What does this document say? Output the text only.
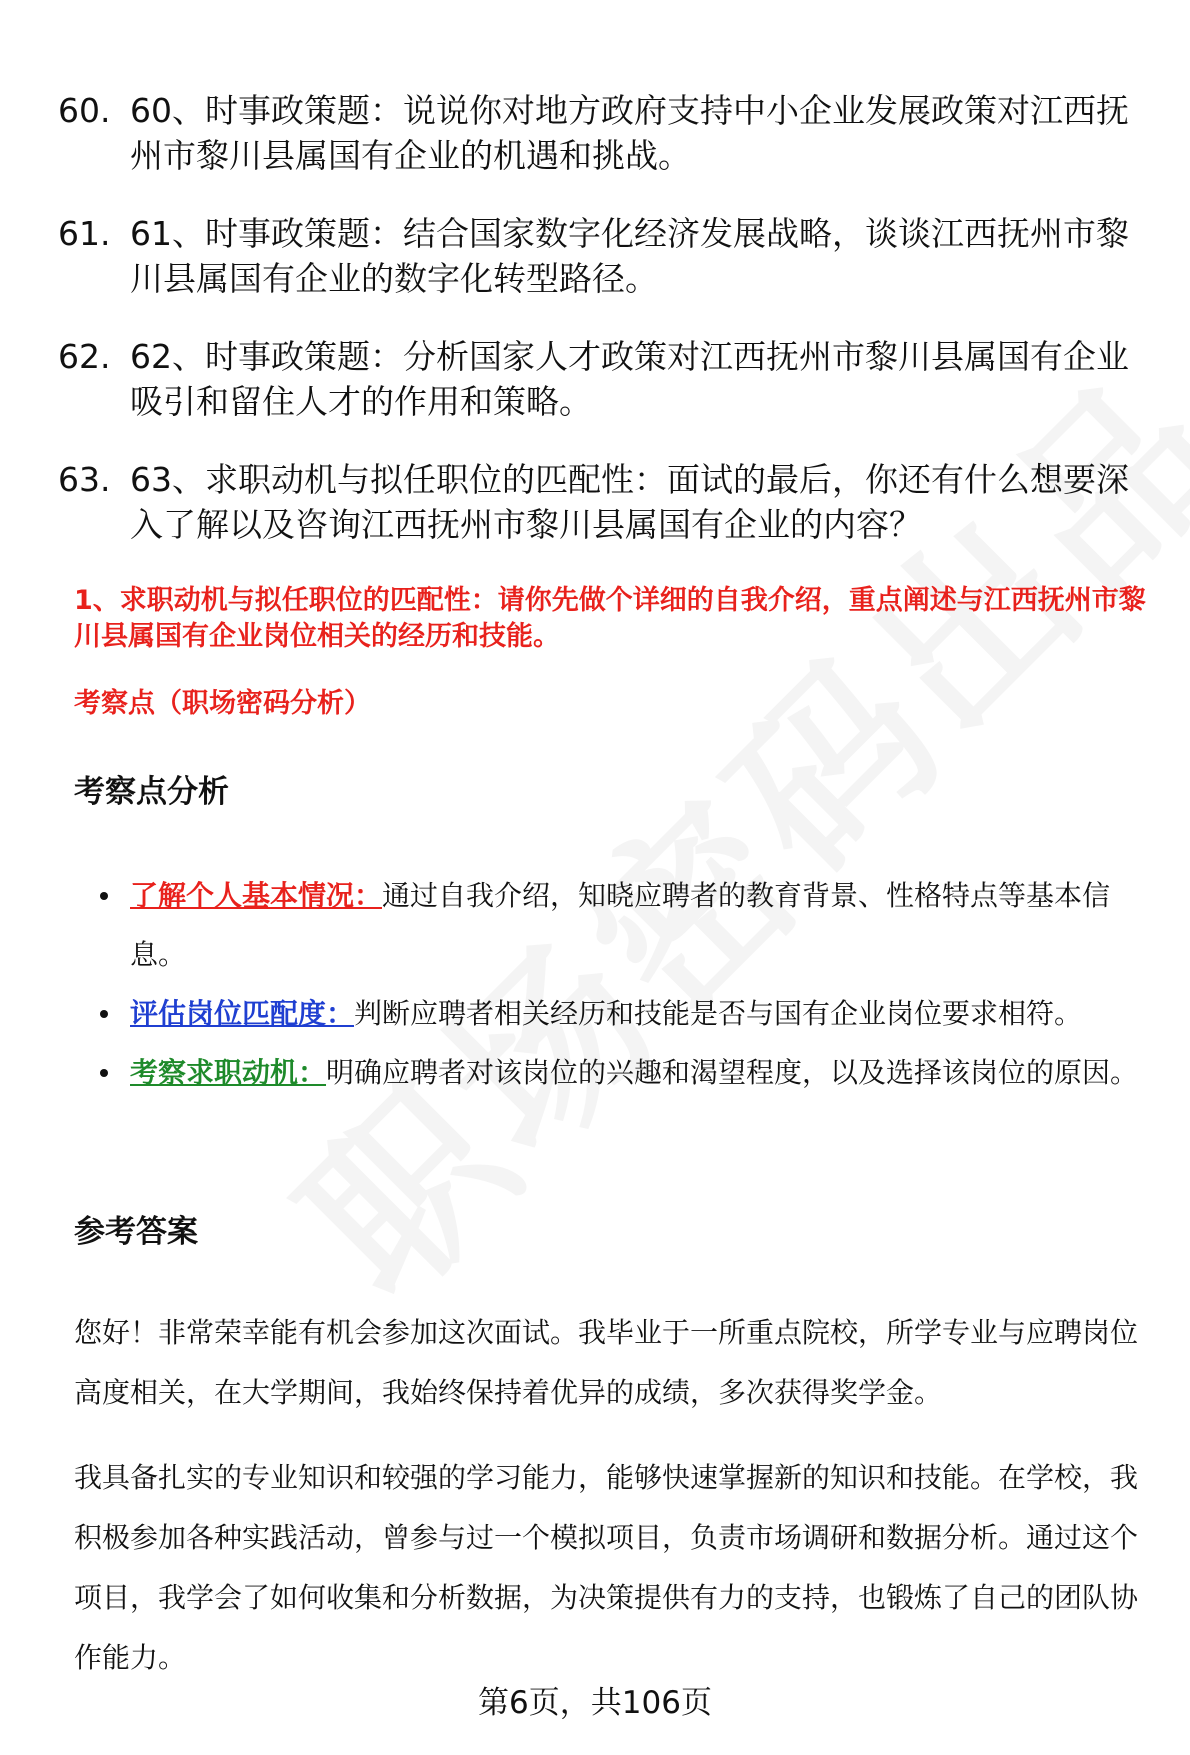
60. 60、时事政策题：说说你对地方政府支持中小企业发展政策对江西抚州市黎川县属国有企业的机遇和挑战。
61. 61、时事政策题：结合国家数字化经济发展战略，谈谈江西抚州市黎川县属国有企业的数字化转型路径。
62. 62、时事政策题：分析国家人才政策对江西抚州市黎川县属国有企业吸引和留住人才的作用和策略。
63. 63、求职动机与拟任职位的匹配性：面试的最后，你还有什么想要深入了解以及咨询江西抚州市黎川县属国有企业的内容？
1、求职动机与拟任职位的匹配性：请你先做个详细的自我介绍，重点阐述与江西抚州市黎川县属国有企业岗位相关的经历和技能。
考察点（职场密码分析）
考察点分析
了解个人基本情况：通过自我介绍，知晓应聘者的教育背景、性格特点等基本信息。
评估岗位匹配度：判断应聘者相关经历和技能是否与国有企业岗位要求相符。
考察求职动机：明确应聘者对该岗位的兴趣和渴望程度，以及选择该岗位的原因。
参考答案

您好！非常荣幸能有机会参加这次面试。我毕业于一所重点院校，所学专业与应聘岗位高度相关，在大学期间，我始终保持着优异的成绩，多次获得奖学金。

我具备扎实的专业知识和较强的学习能力，能够快速掌握新的知识和技能。在学校，我积极参加各种实践活动，曾参与过一个模拟项目，负责市场调研和数据分析。通过这个项目，我学会了如何收集和分析数据，为决策提供有力的支持，也锻炼了自己的团队协作能力。

第6页，共106页
